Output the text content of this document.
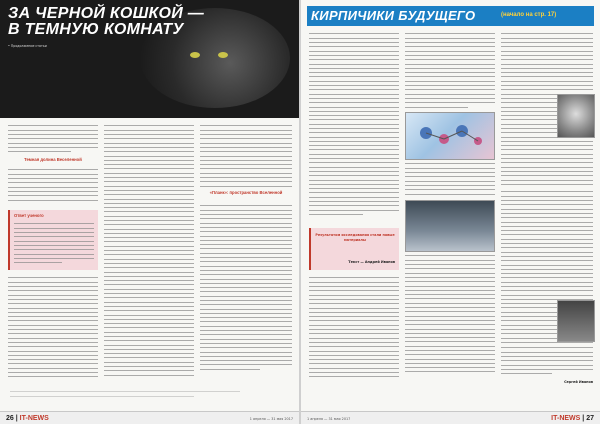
ЗА ЧЕРНОЙ КОШКОЙ — В ТЕМНУЮ КОМНАТУ
• Продолжение статьи
Темная долина Веселенной
Ответ ученого
«Планк»: пространство Вселенной
26 | IT-NEWS	1 апреля — 31 мая 2017
КИРПИЧИКИ БУДУЩЕГО	(начало на стр. 17)
Результатом исследования стали новые материалы
Текст — Андрей Иванов
Сергей Иванов
1 апреля — 31 мая 2017	IT-NEWS | 27
